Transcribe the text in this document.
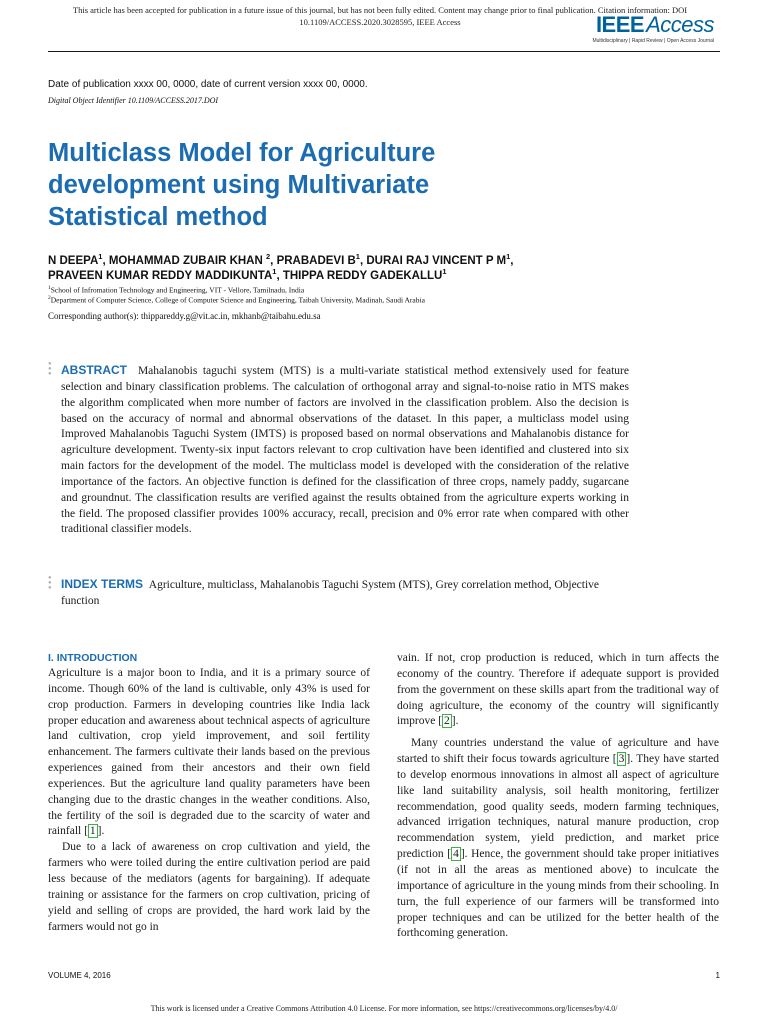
This article has been accepted for publication in a future issue of this journal, but has not been fully edited. Content may change prior to final publication. Citation information: DOI
10.1109/ACCESS.2020.3028595, IEEE Access	IEEEAccess
Multidisciplinary | Rapid Review | Open Access Journal
Date of publication xxxx 00, 0000, date of current version xxxx 00, 0000.
Digital Object Identifier 10.1109/ACCESS.2017.DOI
Multiclass Model for Agriculture
development using Multivariate
Statistical method
N DEEPA$^1$, MOHAMMAD ZUBAIR KHAN $^2$, PRABADEVI $B^1$, DURAI RAJ VINCENT P $M^1$,
PRAVEEN KUMAR REDDY MADDIKUNTA$^1$, THIPPA REDDY GADEKALLU$^1$
$^1$School of Infromation Technology and Engineering, VIT - Vellore, Tamilnadu, India
$^2$Department of Computer Science, College of Computer Science and Engineering, Taibah University, Madinah, Saudi Arabia
Corresponding author(s): thippareddy.g@vit.ac.in, mkhanb@taibahu.edu.sa
●
●
● ABSTRACT Mahalanobis taguchi system (MTS) is a multi-variate statistical method extensively used for feature selection and binary classification problems. The calculation of orthogonal array and signal-to-noise ratio in MTS makes the algorithm complicated when more number of factors are involved in the classification problem. Also the decision is based on the accuracy of normal and abnormal observations of the dataset. In this paper, a multiclass model using Improved Mahalanobis Taguchi System (IMTS) is proposed based on normal observations and Mahalanobis distance for agriculture development. Twenty-six input factors relevant to crop cultivation have been identified and clustered into six main factors for the development of the model. The multiclass model is developed with the consideration of the relative importance of the factors. An objective function is defined for the classification of three crops, namely paddy, sugarcane and groundnut. The classification results are verified against the results obtained from the agriculture experts working in the field. The proposed classifier provides 100% accuracy, recall, precision and 0% error rate when compared with other traditional classifier models.
●
●
● INDEX TERMS Agriculture, multiclass, Mahalanobis Taguchi System (MTS), Grey correlation method, Objective function
I. INTRODUCTION

Agriculture is a major boon to India, and it is a primary source of income. Though 60% of the land is cultivable, only 43% is used for crop production. Farmers in developing countries like India lack proper education and awareness about technical aspects of agriculture land cultivation, crop yield improvement, and soil fertility enhancement. The farmers cultivate their lands based on the previous experiences gained from their ancestors and their own field experiences. But the agriculture land quality parameters have been changing due to the drastic changes in the weather conditions. Also, the fertility of the soil is degraded due to the scarcity of water and rainfall [ 1 ].

Due to a lack of awareness on crop cultivation and yield, the farmers who were toiled during the entire cultivation period are paid less because of the mediators (agents for bargaining). If adequate training or assistance for the farmers on crop cultivation, pricing of yield and selling of crops are provided, the hard work laid by the farmers would not go in

vain. If not, crop production is reduced, which in turn affects the economy of the country. Therefore if adequate support is provided from the government on these skills apart from the traditional way of doing agriculture, the economy of the country will significantly improve [ 2 ].

Many countries understand the value of agriculture and have started to shift their focus towards agriculture [ 3 ]. They have started to develop enormous innovations in almost all aspect of agriculture like land suitability analysis, soil health monitoring, fertilizer recommendation, good quality seeds, modern farming techniques, advanced irrigation techniques, natural manure production, crop recommendation system, yield prediction, and market price prediction [ 4 ]. Hence, the government should take proper initiatives (if not in all the areas as mentioned above) to inculcate the importance of agriculture in the young minds from their schooling. In turn, the full experience of our farmers will be transformed into proper techniques and can be utilized for the better health of the forthcoming generation.

VOLUME 4, 2016	1
This work is licensed under a Creative Commons Attribution 4.0 License. For more information, see https://creativecommons.org/licenses/by/4.0/
